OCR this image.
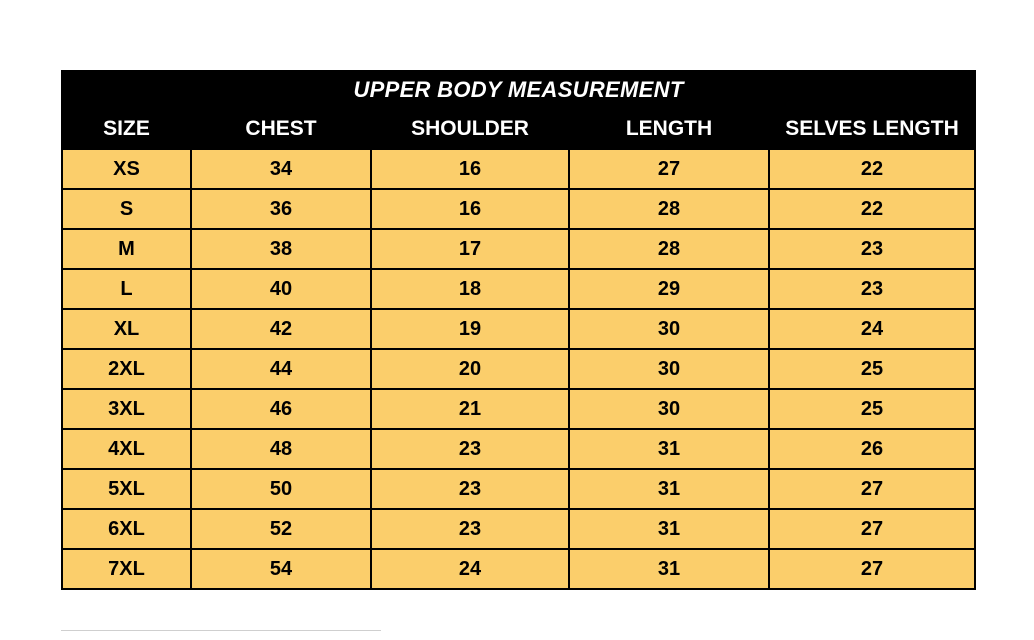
UPPER BODY MEASUREMENT				
SIZE	CHEST	SHOULDER	LENGTH	SELVES LENGTH
XS	34	16	27	22
S	36	16	28	22
M	38	17	28	23
L	40	18	29	23
XL	42	19	30	24
2XL	44	20	30	25
3XL	46	21	30	25
4XL	48	23	31	26
5XL	50	23	31	27
6XL	52	23	31	27
7XL	54	24	31	27
